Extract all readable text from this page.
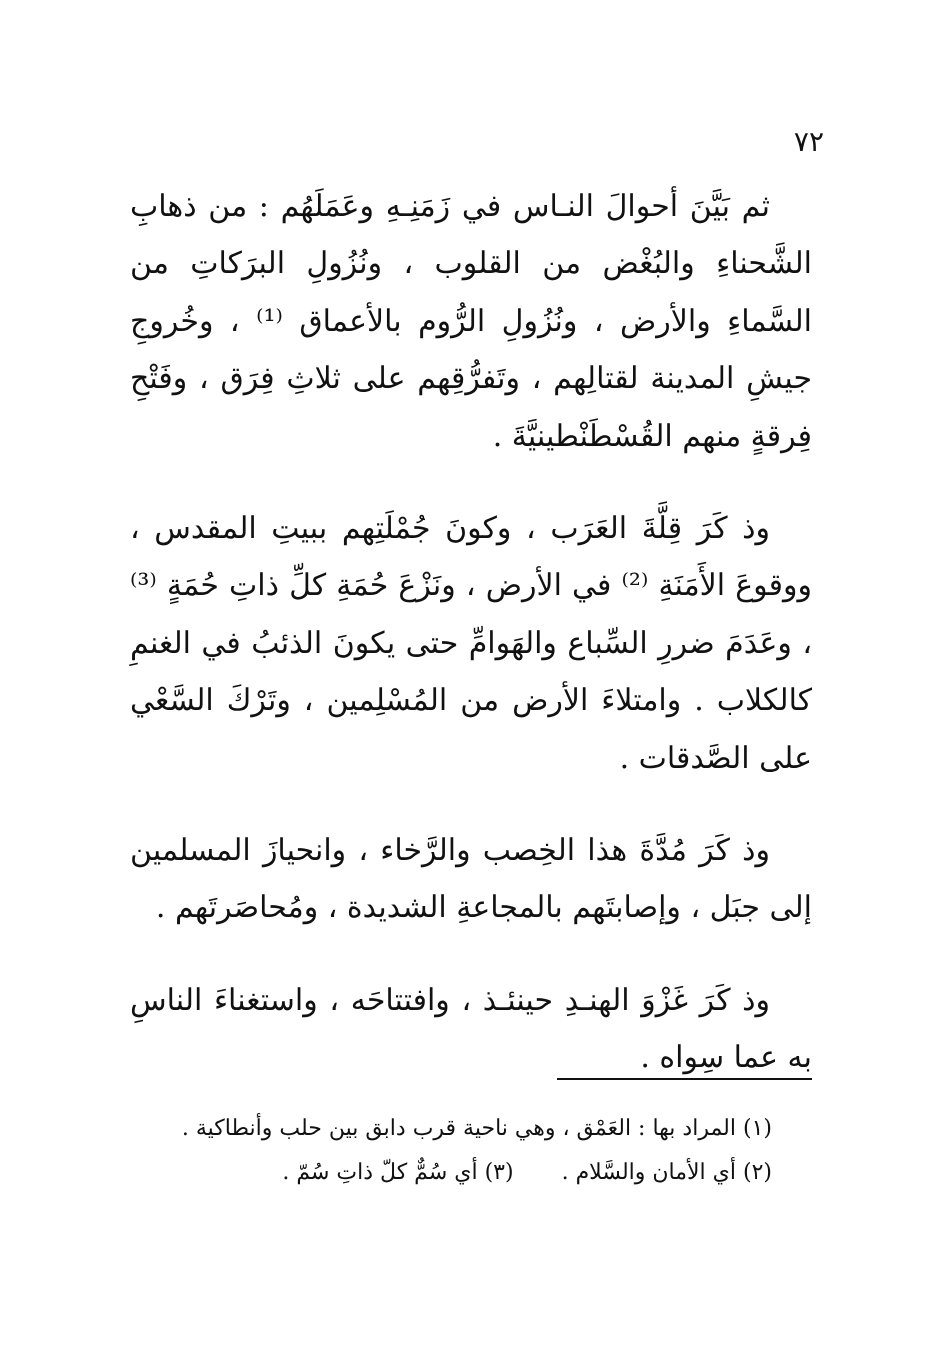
٧٢

ثم بَيَّنَ أحوالَ النـاس في زَمَنِـهِ وعَمَلَهُم : من ذهابِ الشَّحناءِ والبُغْض من القلوب ، ونُزُولِ البرَكاتِ من السَّماءِ والأرض ، ونُزُولِ الرُّوم بالأعماق ⁽¹⁾ ، وخُروجِ جيشِ المدينة لقتالِهم ، وتَفرُّقِهم على ثلاثِ فِرَق ، وفَتْحِ فِرقةٍ منهم القُسْطَنْطينيَّةَ .

وذ كَرَ قِلَّةَ العَرَب ، وكونَ جُمْلَتِهم ببيتِ المقدس ، ووقوعَ الأَمَنَةِ ⁽²⁾ في الأرض ، ونَزْعَ حُمَةِ كلِّ ذاتِ حُمَةٍ ⁽³⁾ ، وعَدَمَ ضررِ السِّباع والهَوامِّ حتى يكونَ الذئبُ في الغنمِ كالكلاب . وامتلاءَ الأرض من المُسْلِمين ، وتَرْكَ السَّعْي على الصَّدقات .

وذ كَرَ مُدَّةَ هذا الخِصب والرَّخاء ، وانحيازَ المسلمين إلى جبَل ، وإصابتَهم بالمجاعةِ الشديدة ، ومُحاصَرتَهم .

وذ كَرَ غَزْوَ الهنـدِ حينئـذ ، وافتتاحَه ، واستغناءَ الناسِ به عما سِواه .

(١) المراد بها : العَمْق ، وهي ناحية قرب دابق بين حلب وأنطاكية .
(٢) أي الأمان والسَّلام .  (٣) أي سُمٌّ كلّ ذاتِ سُمّ .
